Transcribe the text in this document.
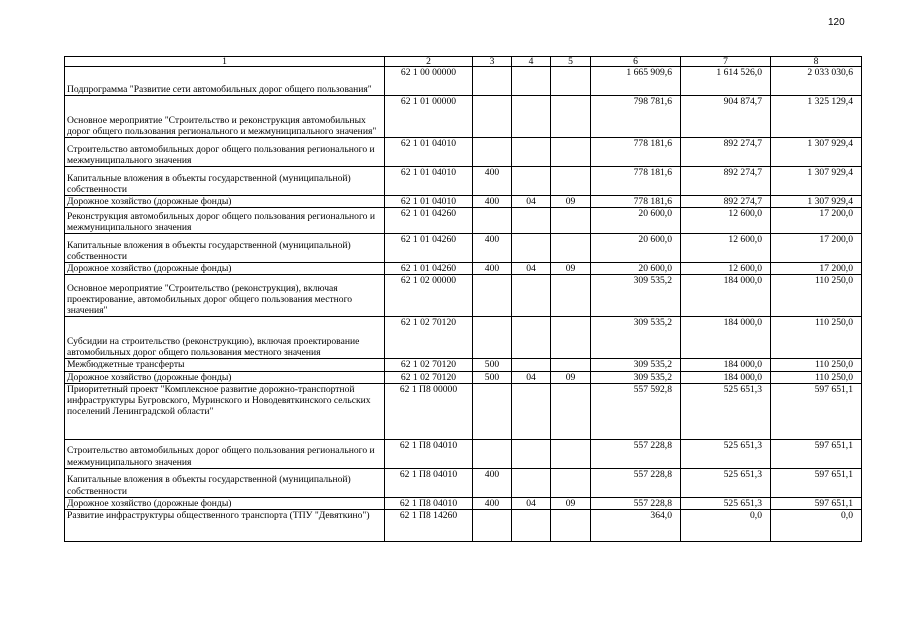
120
1	2	3	4	5	6	7	8
Подпрограмма "Развитие сети автомобильных дорог общего пользования"	62 1 00 00000				1 665 909,6	1 614 526,0	2 033 030,6
Основное мероприятие "Строительство и реконструкция автомобильных дорог общего пользования регионального и межмуниципального значения"	62 1 01 00000				798 781,6	904 874,7	1 325 129,4
Строительство автомобильных дорог общего пользования регионального и межмуниципального значения	62 1 01 04010				778 181,6	892 274,7	1 307 929,4
Капитальные вложения в объекты государственной (муниципальной) собственности	62 1 01 04010	400			778 181,6	892 274,7	1 307 929,4
Дорожное хозяйство (дорожные фонды)	62 1 01 04010	400	04	09	778 181,6	892 274,7	1 307 929,4
Реконструкция автомобильных дорог общего пользования регионального и межмуниципального значения	62 1 01 04260				20 600,0	12 600,0	17 200,0
Капитальные вложения в объекты государственной (муниципальной) собственности	62 1 01 04260	400			20 600,0	12 600,0	17 200,0
Дорожное хозяйство (дорожные фонды)	62 1 01 04260	400	04	09	20 600,0	12 600,0	17 200,0
Основное мероприятие "Строительство (реконструкция), включая проектирование, автомобильных дорог общего пользования местного значения"	62 1 02 00000				309 535,2	184 000,0	110 250,0
Субсидии на строительство (реконструкцию), включая проектирование автомобильных дорог общего пользования местного значения	62 1 02 70120				309 535,2	184 000,0	110 250,0
Межбюджетные трансферты	62 1 02 70120	500			309 535,2	184 000,0	110 250,0
Дорожное хозяйство (дорожные фонды)	62 1 02 70120	500	04	09	309 535,2	184 000,0	110 250,0
Приоритетный проект "Комплексное развитие дорожно-транспортной инфраструктуры Бугровского, Муринского и Новодевяткинского сельских поселений Ленинградской области"	62 1 П8 00000				557 592,8	525 651,3	597 651,1
Строительство автомобильных дорог общего пользования регионального и межмуниципального значения	62 1 П8 04010				557 228,8	525 651,3	597 651,1
Капитальные вложения в объекты государственной (муниципальной) собственности	62 1 П8 04010	400			557 228,8	525 651,3	597 651,1
Дорожное хозяйство (дорожные фонды)	62 1 П8 04010	400	04	09	557 228,8	525 651,3	597 651,1
Развитие инфраструктуры общественного транспорта (ТПУ "Девяткино")	62 1 П8 14260				364,0	0,0	0,0
